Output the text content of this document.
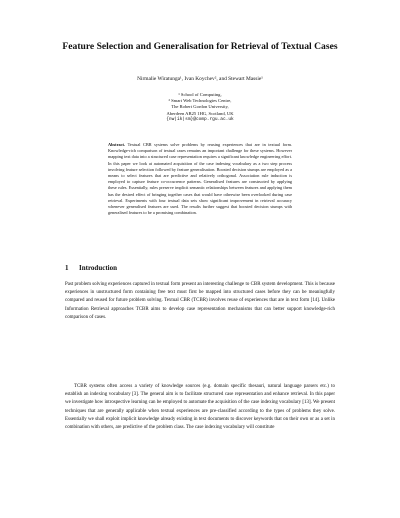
Feature Selection and Generalisation for Retrieval of Textual Cases
Nirmalie Wiratunga¹, Ivan Koychev², and Stewart Massie¹
¹ School of Computing,
² Smart Web Technologies Centre,
The Robert Gordon University,
Aberdeen AB25 1HG, Scotland, UK
{nw|ik|sm}@comp.rgu.ac.uk
Abstract. Textual CBR systems solve problems by reusing experiences that are in textual form. Knowledge-rich comparison of textual cases remains an important challenge for these systems. However mapping text data into a structured case representation requires a significant knowledge engineering effort. In this paper we look at automated acquisition of the case indexing vocabulary as a two step process involving feature selection followed by feature generalisation. Boosted decision stumps are employed as a means to select features that are predictive and relatively orthogonal. Association rule induction is employed to capture feature co-occurrence patterns. Generalised features are constructed by applying these rules. Essentially, rules preserve implicit semantic relationships between features and applying them has the desired effect of bringing together cases that would have otherwise been overlooked during case retrieval. Experiments with four textual data sets show significant improvement in retrieval accuracy whenever generalised features are used. The results further suggest that boosted decision stumps with generalised features to be a promising combination.
1 Introduction
Past problem solving experiences captured in textual form present an interesting challenge to CBR system development. This is because experiences in unstructured form containing free text must first be mapped into structured cases before they can be meaningfully compared and reused for future problem solving. Textual CBR (TCBR) involves reuse of experiences that are in text form [14]. Unlike Information Retrieval approaches TCBR aims to develop case representation mechanisms that can better support knowledge-rich comparison of cases.
TCBR systems often access a variety of knowledge sources (e.g. domain specific thesauri, natural language parsers etc.) to establish an indexing vocabulary [3]. The general aim is to facilitate structured case representation and enhance retrieval. In this paper we investigate how introspective learning can be employed to automate the acquisition of the case indexing vocabulary [13]. We present techniques that are generally applicable when textual experiences are pre-classified according to the types of problems they solve. Essentially we shall exploit implicit knowledge already existing in text documents to discover keywords that on their own or as a set in combination with others, are predictive of the problem class. The case indexing vocabulary will constitute
